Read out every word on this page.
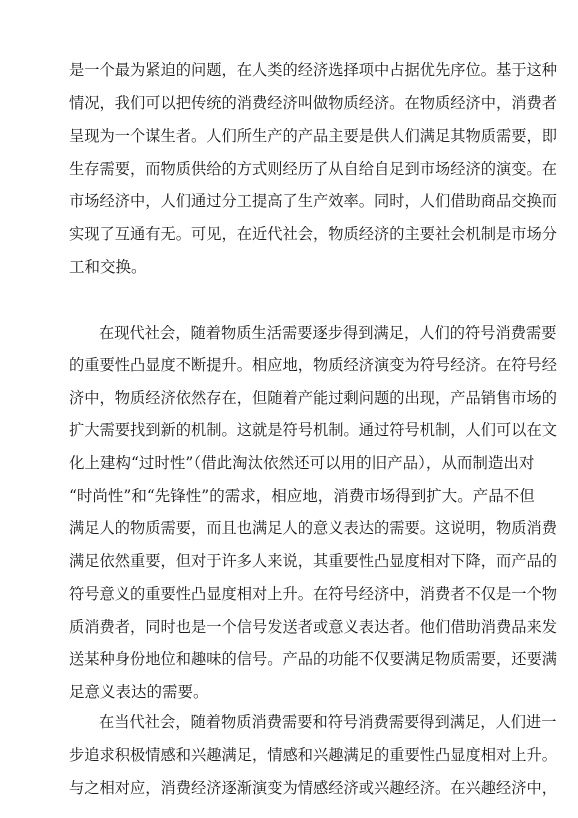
是一个最为紧迫的问题，在人类的经济选择项中占据优先序位。基于这种
情况，我们可以把传统的消费经济叫做物质经济。在物质经济中，消费者
呈现为一个谋生者。人们所生产的产品主要是供人们满足其物质需要，即
生存需要，而物质供给的方式则经历了从自给自足到市场经济的演变。在
市场经济中，人们通过分工提高了生产效率。同时，人们借助商品交换而
实现了互通有无。可见，在近代社会，物质经济的主要社会机制是市场分
工和交换。
在现代社会，随着物质生活需要逐步得到满足，人们的符号消费需要
的重要性凸显度不断提升。相应地，物质经济演变为符号经济。在符号经
济中，物质经济依然存在，但随着产能过剩问题的出现，产品销售市场的
扩大需要找到新的机制。这就是符号机制。通过符号机制，人们可以在文
化上建构“过时性”（借此淘汰依然还可以用的旧产品），从而制造出对
“时尚性”和“先锋性”的需求，相应地，消费市场得到扩大。产品不但
满足人的物质需要，而且也满足人的意义表达的需要。这说明，物质消费
满足依然重要，但对于许多人来说，其重要性凸显度相对下降，而产品的
符号意义的重要性凸显度相对上升。在符号经济中，消费者不仅是一个物
质消费者，同时也是一个信号发送者或意义表达者。他们借助消费品来发
送某种身份地位和趣味的信号。产品的功能不仅要满足物质需要，还要满
足意义表达的需要。
在当代社会，随着物质消费需要和符号消费需要得到满足，人们进一
步追求积极情感和兴趣满足，情感和兴趣满足的重要性凸显度相对上升。
与之相对应，消费经济逐渐演变为情感经济或兴趣经济。在兴趣经济中，
